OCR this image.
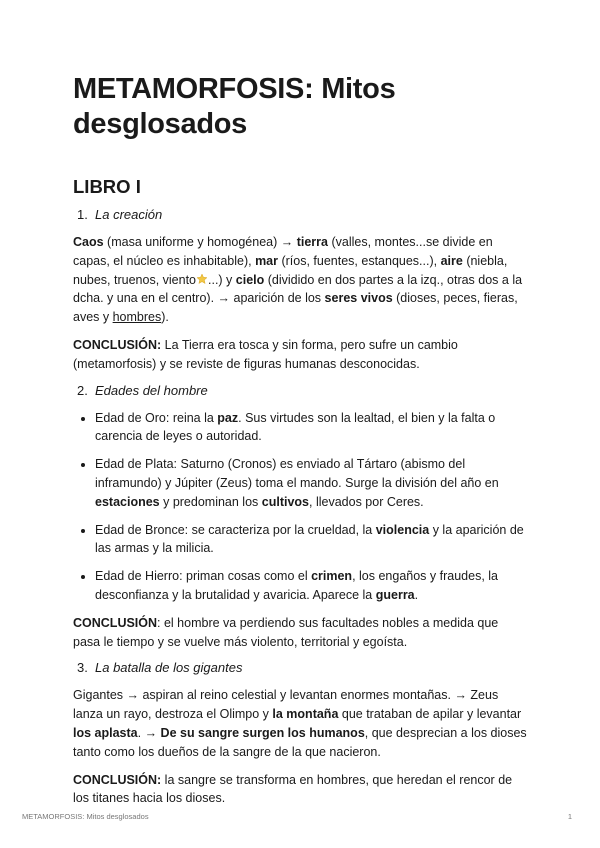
METAMORFOSIS: Mitos desglosados
LIBRO I
1. La creación

Caos (masa uniforme y homogénea) → tierra (valles, montes...se divide en capas, el núcleo es inhabitable), mar (ríos, fuentes, estanques...), aire (niebla, nubes, truenos, viento ...) y cielo (dividido en dos partes a la izq., otras dos a la dcha. y una en el centro). → aparición de los seres vivos (dioses, peces, fieras, aves y hombres).

CONCLUSIÓN: La Tierra era tosca y sin forma, pero sufre un cambio (metamorfosis) y se reviste de figuras humanas desconocidas.

2. Edades del hombre
• Edad de Oro: reina la paz. Sus virtudes son la lealtad, el bien y la falta o carencia de leyes o autoridad.
• Edad de Plata: Saturno (Cronos) es enviado al Tártaro (abismo del inframundo) y Júpiter (Zeus) toma el mando. Surge la división del año en estaciones y predominan los cultivos, llevados por Ceres.
• Edad de Bronce: se caracteriza por la crueldad, la violencia y la aparición de las armas y la milicia.
• Edad de Hierro: priman cosas como el crimen, los engaños y fraudes, la desconfianza y la brutalidad y avaricia. Aparece la guerra.

CONCLUSIÓN: el hombre va perdiendo sus facultades nobles a medida que pasa le tiempo y se vuelve más violento, territorial y egoísta.

3. La batalla de los gigantes

Gigantes → aspiran al reino celestial y levantan enormes montañas. → Zeus lanza un rayo, destroza el Olimpo y la montaña que trataban de apilar y levantar los aplasta. → De su sangre surgen los humanos, que desprecian a los dioses tanto como los dueños de la sangre de la que nacieron.

CONCLUSIÓN: la sangre se transforma en hombres, que heredan el rencor de los titanes hacia los dioses.

METAMORFOSIS: Mitos desglosados	1
